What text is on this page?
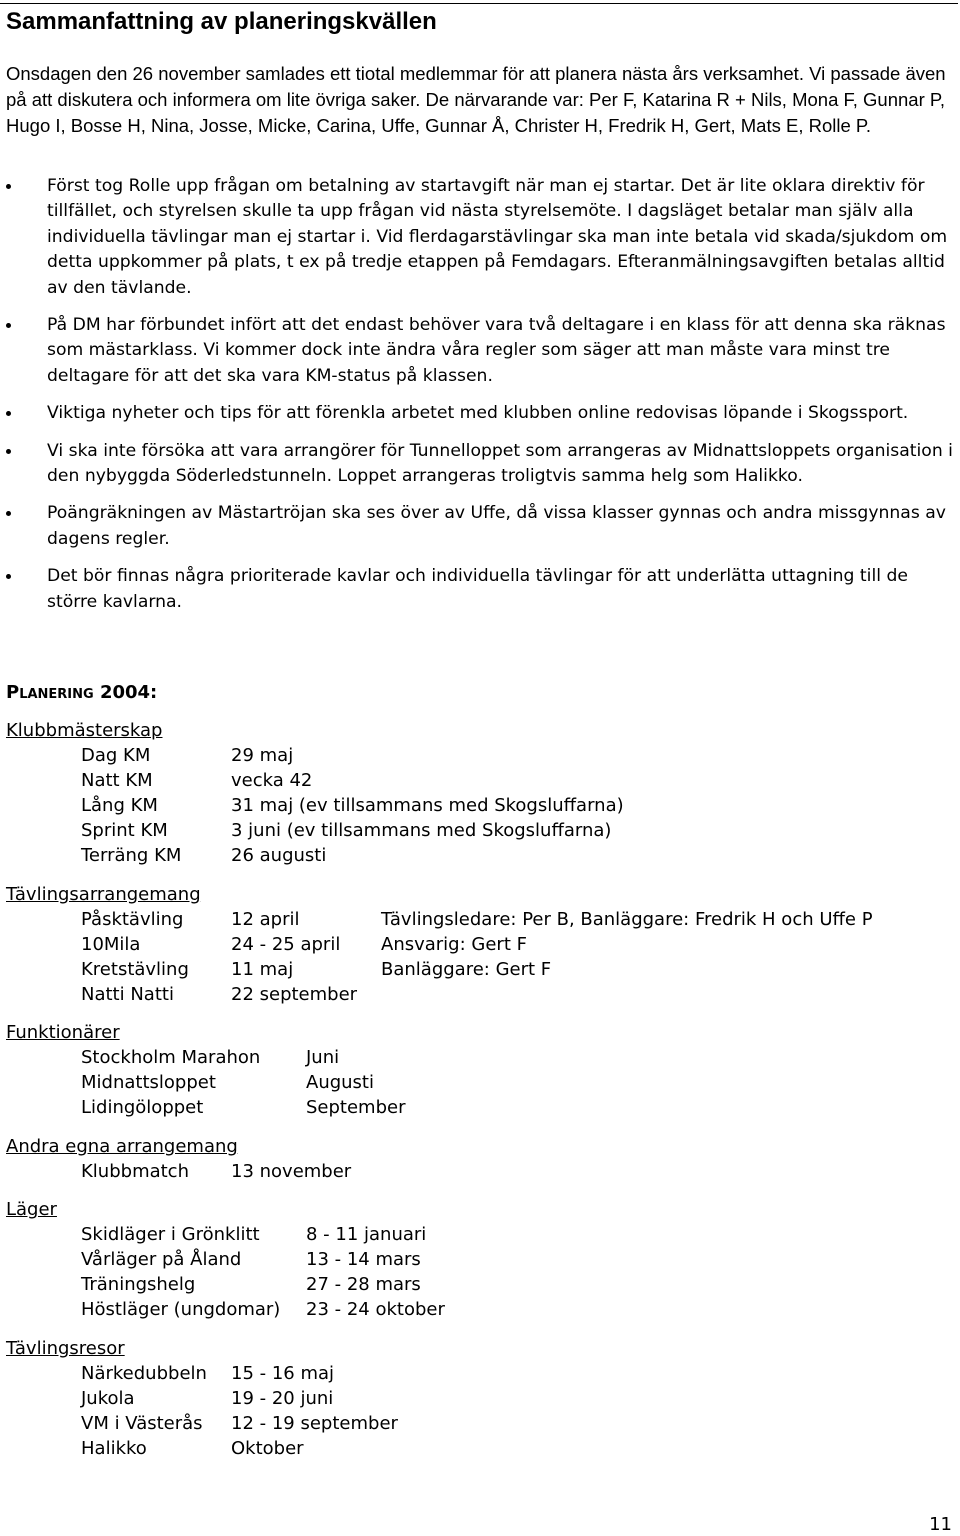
Sammanfattning av planeringskvällen

Onsdagen den 26 november samlades ett tiotal medlemmar för att planera nästa års verksamhet. Vi passade även på att diskutera och informera om lite övriga saker. De närvarande var: Per F, Katarina R + Nils, Mona F, Gunnar P, Hugo I, Bosse H, Nina, Josse, Micke, Carina, Uffe, Gunnar Å, Christer H, Fredrik H, Gert, Mats E, Rolle P.

Först tog Rolle upp frågan om betalning av startavgift när man ej startar. Det är lite oklara direktiv för tillfället, och styrelsen skulle ta upp frågan vid nästa styrelsemöte. I dagsläget betalar man själv alla individuella tävlingar man ej startar i. Vid flerdagarstävlingar ska man inte betala vid skada/sjukdom om detta uppkommer på plats, t ex på tredje etappen på Femdagars. Efteranmälningsavgiften betalas alltid av den tävlande.
På DM har förbundet infört att det endast behöver vara två deltagare i en klass för att denna ska räknas som mästarklass. Vi kommer dock inte ändra våra regler som säger att man måste vara minst tre deltagare för att det ska vara KM-status på klassen.
Viktiga nyheter och tips för att förenkla arbetet med klubben online redovisas löpande i Skogssport.
Vi ska inte försöka att vara arrangörer för Tunnelloppet som arrangeras av Midnattsloppets organisation i den nybyggda Söderledstunneln. Loppet arrangeras troligtvis samma helg som Halikko.
Poängräkningen av Mästartröjan ska ses över av Uffe, då vissa klasser gynnas och andra missgynnas av dagens regler.
Det bör finnas några prioriterade kavlar och individuella tävlingar för att underlätta uttagning till de större kavlarna.
Planering 2004:
Klubbmästerskap
Dag KM	29 maj
Natt KM	vecka 42
Lång KM	31 maj (ev tillsammans med Skogsluffarna)
Sprint KM	3 juni (ev tillsammans med Skogsluffarna)
Terräng KM	26 augusti
Tävlingsarrangemang
Påsktävling	12 april	Tävlingsledare: Per B, Banläggare: Fredrik H och Uffe P
10Mila	24 - 25 april Ansvarig: Gert F
Kretstävling 11 maj	Banläggare: Gert F
Natti Natti	22 september
Funktionärer
Stockholm Marahon	Juni
Midnattsloppet	Augusti
Lidingöloppet	September
Andra egna arrangemang
Klubbmatch 13 november
Läger
Skidläger i Grönklitt	8 - 11 januari
Vårläger på Åland	13 - 14 mars
Träningshelg	27 - 28 mars
Höstläger (ungdomar) 23 - 24 oktober
Tävlingsresor
Närkedubbeln 15 - 16 maj
Jukola	19 - 20 juni
VM i Västerås 12 - 19 september
Halikko	Oktober
11
